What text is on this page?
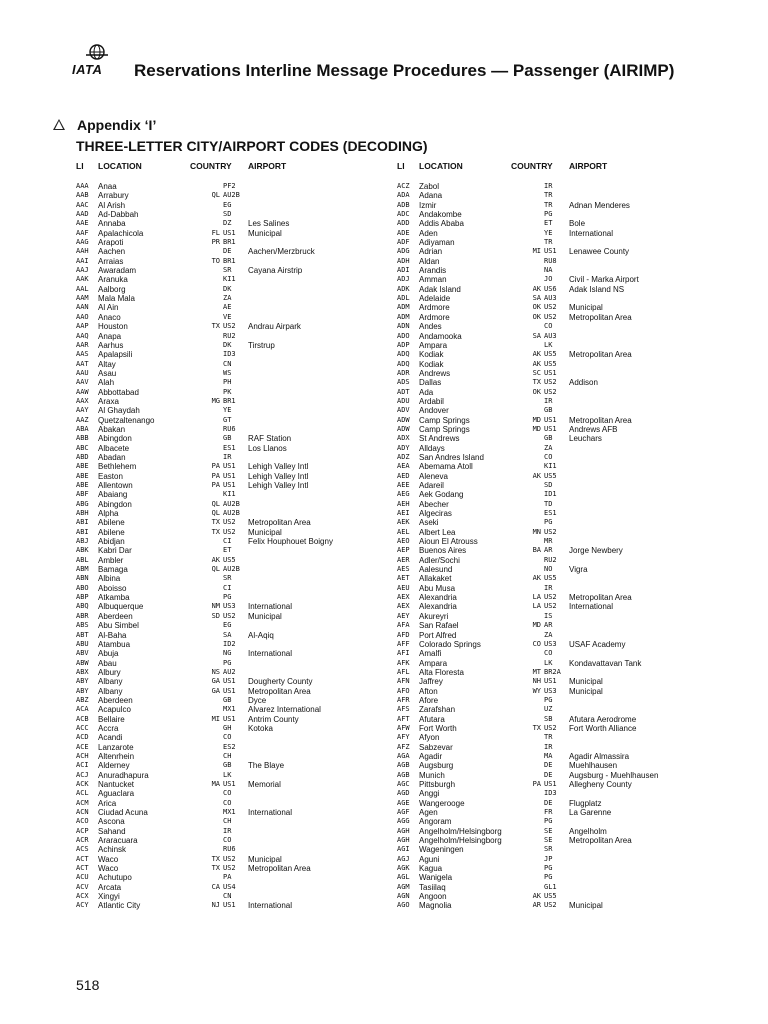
IATA Reservations Interline Message Procedures — Passenger (AIRIMP)
Appendix ‘I’
THREE-LETTER CITY/AIRPORT CODES (DECODING)
LI LOCATION	COUNTRY AIRPORT
AAA Anaa	PF2
AAB Arrabury	QL AU2B
AAC Al Arish	EG
AAD Ad-Dabbah	SD
AAE Annaba	DZ Les Salines
AAF Apalachicola	FL US1 Municipal
AAG Arapoti	PR BR1
AAH Aachen	DE Aachen/Merzbruck
AAI Arraias	TO BR1
AAJ Awaradam	SR Cayana Airstrip
AAK Aranuka	KI1
AAL Aalborg	DK
AAM Mala Mala	ZA
AAN Al Ain	AE
AAO Anaco	VE
AAP Houston	TX US2 Andrau Airpark
AAQ Anapa	RU2
AAR Aarhus	DK Tirstrup
AAS Apalapsili	ID3
AAT Altay	CN
AAU Asau	WS
AAV Alah	PH
AAW Abbottabad	PK
AAX Araxa	MG BR1
AAY Al Ghaydah	YE
AAZ Quetzaltenango	GT
ABA Abakan	RU6
ABB Abingdon	GB RAF Station
ABC Albacete	ES1 Los Llanos
ABD Abadan	IR
ABE Bethlehem	PA US1 Lehigh Valley Intl
ABE Easton	PA US1 Lehigh Valley Intl
ABE Allentown	PA US1 Lehigh Valley Intl
ABF Abaiang	KI1
ABG Abingdon	QL AU2B
ABH Alpha	QL AU2B
ABI Abilene	TX US2 Metropolitan Area
ABI Abilene	TX US2 Municipal
ABJ Abidjan	CI Felix Houphouet Boigny
ABK Kabri Dar	ET
ABL Ambler	AK US5
ABM Bamaga	QL AU2B
ABN Albina	SR
ABO Aboisso	CI
ABP Atkamba	PG
ABQ Albuquerque	NM US3 International
ABR Aberdeen	SD US2 Municipal
ABS Abu Simbel	EG
ABT Al-Baha	SA Al-Aqiq
ABU Atambua	ID2
ABV Abuja	NG International
ABW Abau	PG
ABX Albury	NS AU2
ABY Albany	GA US1 Dougherty County
ABY Albany	GA US1 Metropolitan Area
ABZ Aberdeen	GB Dyce
ACA Acapulco	MX1 Alvarez International
ACB Bellaire	MI US1 Antrim County
ACC Accra	GH Kotoka
ACD Acandi	CO
ACE Lanzarote	ES2
ACH Altenrhein	CH
ACI Alderney	GB The Blaye
ACJ Anuradhapura	LK
ACK Nantucket	MA US1 Memorial
ACL Aguaclara	CO
ACM Arica	CO
ACN Ciudad Acuna	MX1 International
ACO Ascona	CH
ACP Sahand	IR
ACR Araracuara	CO
ACS Achinsk	RU6
ACT Waco	TX US2 Municipal
ACT Waco	TX US2 Metropolitan Area
ACU Achutupo	PA
ACV Arcata	CA US4
ACX Xingyi	CN
ACY Atlantic City	NJ US1 International
LI LOCATION	COUNTRY AIRPORT
ACZ Zabol	IR
ADA Adana	TR
ADB Izmir	TR Adnan Menderes
ADC Andakombe	PG
ADD Addis Ababa	ET Bole
ADE Aden	YE International
ADF Adiyaman	TR
ADG Adrian	MI US1 Lenawee County
ADH Aldan	RU8
ADI Arandis	NA
ADJ Amman	JO Civil - Marka Airport
ADK Adak Island	AK US6 Adak Island NS
ADL Adelaide	SA AU3
ADM Ardmore	OK US2 Municipal
ADM Ardmore	OK US2 Metropolitan Area
ADN Andes	CO
ADO Andamooka	SA AU3
ADP Ampara	LK
ADQ Kodiak	AK US5 Metropolitan Area
ADQ Kodiak	AK US5
ADR Andrews	SC US1
ADS Dallas	TX US2 Addison
ADT Ada	OK US2
ADU Ardabil	IR
ADV Andover	GB
ADW Camp Springs	MD US1 Metropolitan Area
ADW Camp Springs	MD US1 Andrews AFB
ADX St Andrews	GB Leuchars
ADY Alldays	ZA
ADZ San Andres Island	CO
AEA Abemama Atoll	KI1
AED Aleneva	AK US5
AEE Adareil	SD
AEG Aek Godang	ID1
AEH Abecher	TD
AEI Algeciras	ES1
AEK Aseki	PG
AEL Albert Lea	MN US2
AEO Aioun El Atrouss	MR
AEP Buenos Aires	BA AR Jorge Newbery
AER Adler/Sochi	RU2
AES Aalesund	NO Vigra
AET Allakaket	AK US5
AEU Abu Musa	IR
AEX Alexandria	LA US2 Metropolitan Area
AEX Alexandria	LA US2 International
AEY Akureyri	IS
AFA San Rafael	MD AR
AFD Port Alfred	ZA
AFF Colorado Springs	CO US3 USAF Academy
AFI Amalfi	CO
AFK Ampara	LK Kondavattavan Tank
AFL Alta Floresta	MT BR2A
AFN Jaffrey	NH US1 Municipal
AFO Afton	WY US3 Municipal
AFR Afore	PG
AFS Zarafshan	UZ
AFT Afutara	SB Afutara Aerodrome
AFW Fort Worth	TX US2 Fort Worth Alliance
AFY Afyon	TR
AFZ Sabzevar	IR
AGA Agadir	MA Agadir Almassira
AGB Augsburg	DE Muehlhausen
AGB Munich	DE Augsburg - Muehlhausen
AGC Pittsburgh	PA US1 Allegheny County
AGD Anggi	ID3
AGE Wangerooge	DE Flugplatz
AGF Agen	FR La Garenne
AGG Angoram	PG
AGH Angelholm/Helsingborg	SE Angelholm
AGH Angelholm/Helsingborg	SE Metropolitan Area
AGI Wageningen	SR
AGJ Aguni	JP
AGK Kagua	PG
AGL Wanigela	PG
AGM Tasiilaq	GL1
AGN Angoon	AK US5
AGO Magnolia	AR US2 Municipal
518
